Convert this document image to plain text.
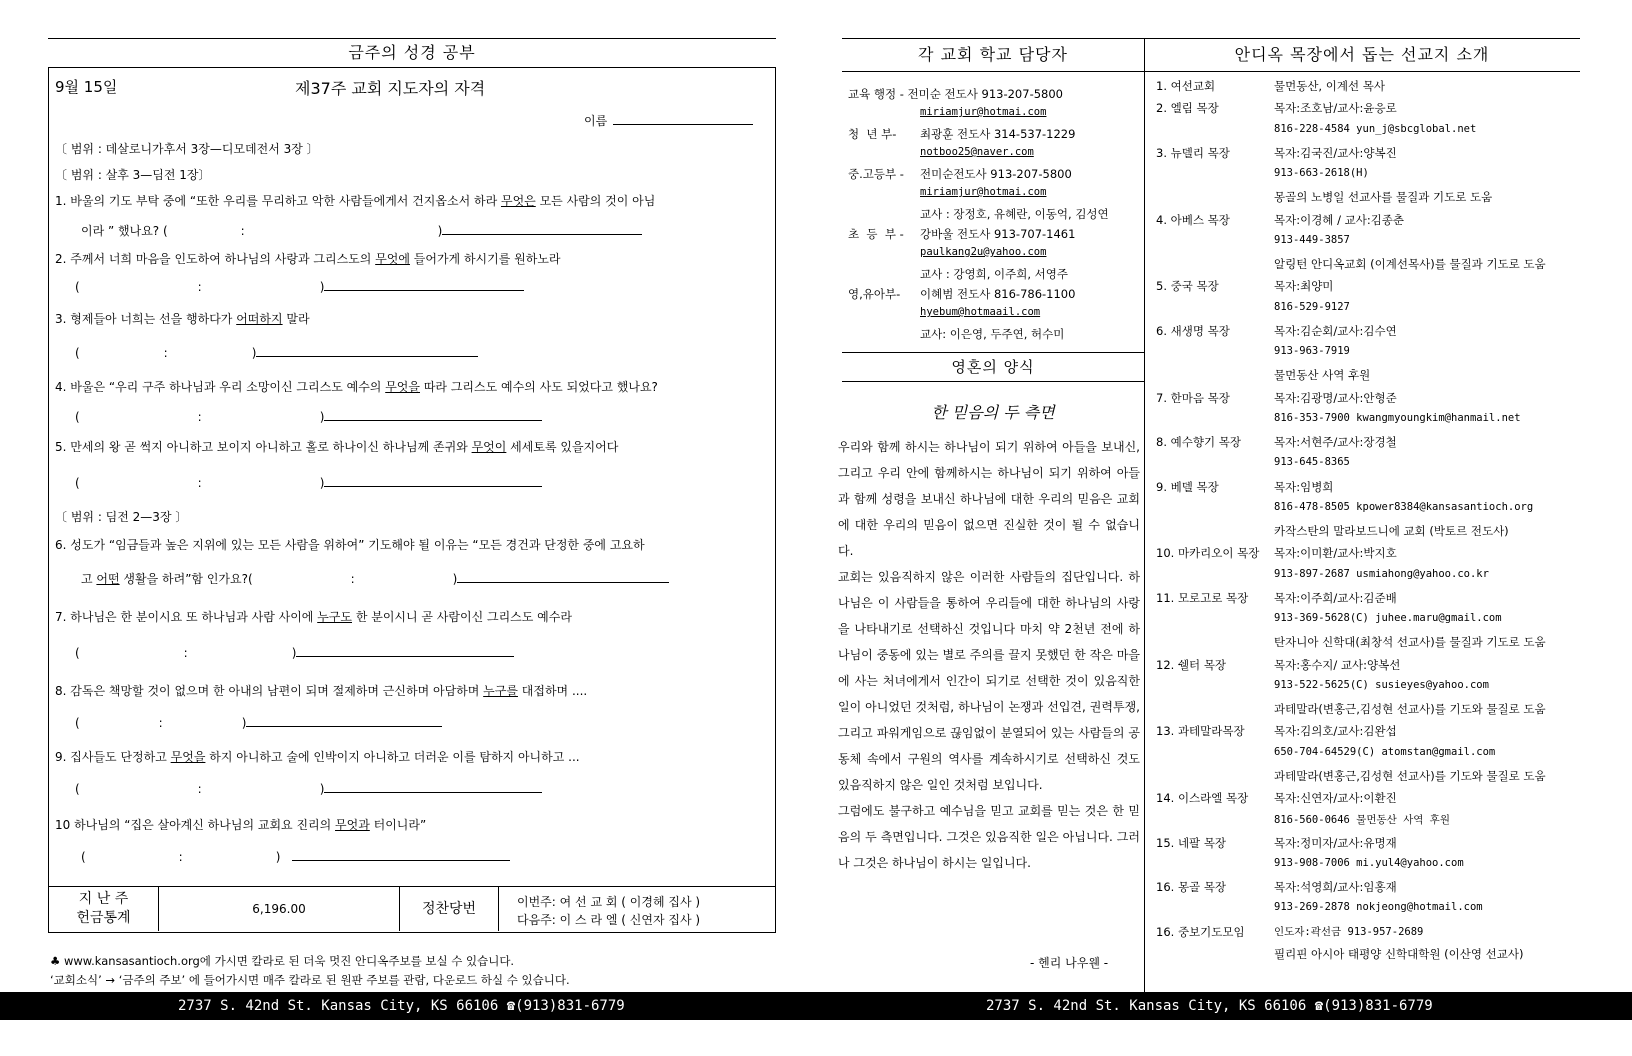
금주의 성경 공부
9월 15일	제37주 교회 지도자의 자격
이름
〔 범위 : 데살로니가후서 3장—디모데전서 3장 〕
〔 범위 : 살후 3—딤전 1장〕
1. 바울의 기도 부탁 중에 “또한 우리를 무리하고 악한 사람들에게서 건지옵소서 하라 무엇은 모든 사람의 것이 아님
이라 ” 했나요? (	:	)
2. 주께서 너희 마음을 인도하여 하나님의 사랑과 그리스도의 무엇에 들어가게 하시기를 원하노라
(	:	)
3. 형제들아 너희는 선을 행하다가 어떠하지 말라
(	:	)
4. 바울은 “우리 구주 하나님과 우리 소망이신 그리스도 예수의 무엇을 따라 그리스도 예수의 사도 되었다고 했나요?
(	:	)
5. 만세의 왕 곧 썩지 아니하고 보이지 아니하고 홀로 하나이신 하나님께 존귀와 무엇이 세세토록 있을지어다
(	:	)
〔 범위 : 딤전 2—3장 〕
6. 성도가 “임금들과 높은 지위에 있는 모든 사람을 위하여” 기도해야 될 이유는 “모든 경건과 단정한 중에 고요하
고 어떤 생활을 하려”함 인가요?(	:	)
7. 하나님은 한 분이시요 또 하나님과 사람 사이에 누구도 한 분이시니 곧 사람이신 그리스도 예수라
(	:	)
8. 감독은 책망할 것이 없으며 한 아내의 남편이 되며 절제하며 근신하며 아담하며 누구를 대접하며 ....
(	:	)
9. 집사들도 단정하고 무엇을 하지 아니하고 술에 인박이지 아니하고 더러운 이를 탐하지 아니하고 ...
(	:	)
10 하나님의 “집은 살아계신 하나님의 교회요 진리의 무엇과 터이니라”
(	:	)
지 난 주
헌금통계
6,196.00	정찬당번	이번주: 여 선 교 회 ( 이경헤 집사 )
다음주: 이 스 라 엘 ( 신연자 집사 )
♣ www.kansasantioch.org에 가시면 칼라로 된 더욱 멋진 안디옥주보를 보실 수 있습니다.
‘교회소식’ → ‘금주의 주보’ 에 들어가시면 매주 칼라로 된 원판 주보를 관람, 다운로드 하실 수 있습니다.
각 교회 학교 담당자	안디옥 목장에서 돕는 선교지 소개
교육 행정 - 전미순 전도사 913-207-5800
miriamjur@hotmai.com
청  년 부-	최광훈 전도사 314-537-1229
notboo25@naver.com
중.고등부 -	전미순전도사 913-207-5800
miriamjur@hotmai.com
교사 : 장정호, 유혜란, 이동억, 김성연
초  등  부 -	강바울 전도사 913-707-1461
paulkang2u@yahoo.com
교사 : 강영희, 이주희, 서영주
영,유아부-	이혜범 전도사 816-786-1100
hyebum@hotmaail.com
교사: 이은영, 두주연, 허수미
영혼의 양식
한 믿음의 두 측면

우리와 함께 하시는 하나님이 되기 위하여 아들을 보내신, 그리고 우리 안에 함께하시는 하나님이 되기 위하여 아들과 함께 성령을 보내신 하나님에 대한 우리의 믿음은 교회에 대한 우리의 믿음이 없으면 진실한 것이 될 수 없습니다.

교회는 있음직하지 않은 이러한 사람들의 집단입니다. 하나님은 이 사람들을 통하여 우리들에 대한 하나님의 사랑을 나타내기로 선택하신 것입니다 마치 약 2천년 전에 하나님이 중동에 있는 별로 주의를 끌지 못했던 한 작은 마을에 사는 처녀에게서 인간이 되기로 선택한 것이 있음직한 일이 아니었던 것처럼, 하나님이 논쟁과 선입견, 권력투쟁, 그리고 파워게임으로 끊임없이 분열되어 있는 사람들의 공동체 속에서 구원의 역사를 계속하시기로 선택하신 것도 있음직하지 않은 일인 것처럼 보입니다.

그럼에도 불구하고 예수님을 믿고 교회를 믿는 것은 한 믿음의 두 측면입니다. 그것은 있음직한 일은 아닙니다. 그러나 그것은 하나님이 하시는 일입니다.

- 헨리 나우웬 -
1. 여선교회	물먼동산, 이계선 목사
2. 엘림 목장	목자:조호남/교사:윤응로
816-228-4584 yun_j@sbcglobal.net
3. 뉴델리 목장	목자:김국진/교사:양복진
913-663-2618(H)
몽골의 노병일 선교사를 물질과 기도로 도움
4. 아베스 목장	목자:이경혜 / 교사:김종춘
913-449-3857
알링턴 안디옥교회 (이계선목사)를 물질과 기도로 도움
5. 중국 목장	목자:최양미
816-529-9127
6. 새생명 목장	목자:김순회/교사:김수연
913-963-7919
물먼동산 사역 후원
7. 한마음 목장	목자:김광명/교사:안형준
816-353-7900 kwangmyoungkim@hanmail.net
8. 예수향기 목장	목자:서현주/교사:장경철
913-645-8365
9. 베델 목장	목자:임병희
816-478-8505 kpower8384@kansasantioch.org
카작스탄의 말라보드니에 교회 (박토르 전도사)
10. 마카리오이 목장 목자:이미환/교사:박지호
913-897-2687 usmiahong@yahoo.co.kr
11. 모로고로 목장 목자:이주희/교사:김준배
913-369-5628(C) juhee.maru@gmail.com
탄자니아 신학대(최창석 선교사)를 물질과 기도로 도움
12. 쉘터 목장	목자:홍수지/ 교사:양복선
913-522-5625(C) susieyes@yahoo.com
과테말라(변홍근,김성현 선교사)를 기도와 물질로 도움
13. 과테말라목장	목자:김의호/교사:김완섭
650-704-64529(C) atomstan@gmail.com
과테말라(변홍근,김성현 선교사)를 기도와 물질로 도움
14. 이스라엘 목장 목자:신연자/교사:이환진
816-560-0646 물먼동산 사역 후원
15. 네팔 목장	목자:정미자/교사:유명재
913-908-7006 mi.yul4@yahoo.com
16. 몽골 목장	목자:석영희/교사:임홍재
913-269-2878 nokjeong@hotmail.com
16. 중보기도모임	인도자:곽선금 913-957-2689
필리핀 아시아 태평양 신학대학원 (이산영 선교사)
2737 S. 42nd St. Kansas City, KS 66106 ☎(913)831-6779	2737 S. 42nd St. Kansas City, KS 66106 ☎(913)831-6779
